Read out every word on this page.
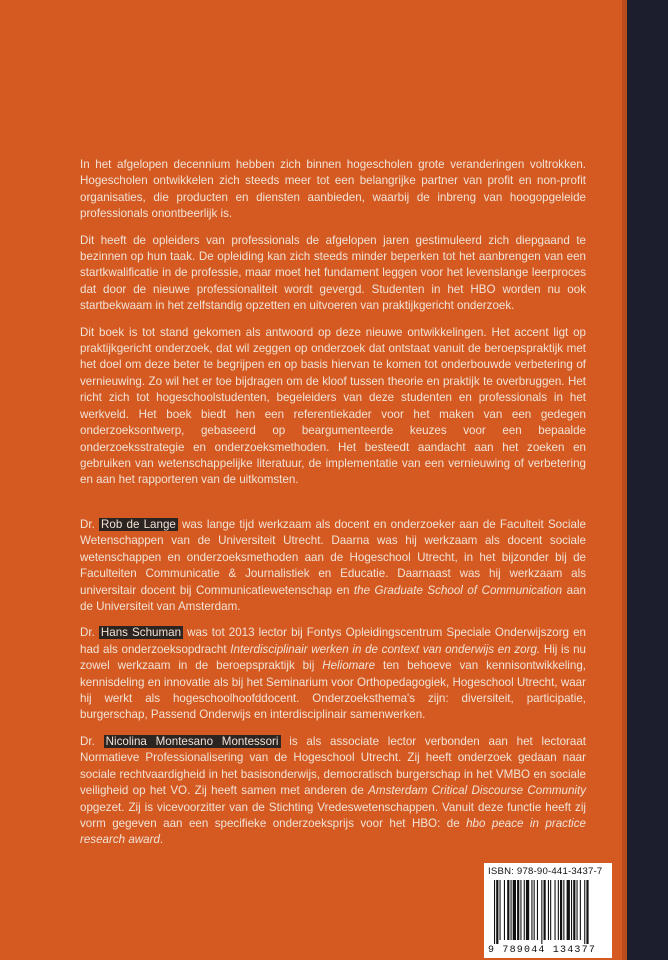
In het afgelopen decennium hebben zich binnen hogescholen grote veranderingen voltrokken. Hogescholen ontwikkelen zich steeds meer tot een belangrijke partner van profit en non-profit organisaties, die producten en diensten aanbieden, waarbij de inbreng van hoogopgeleide professionals onontbeerlijk is.

Dit heeft de opleiders van professionals de afgelopen jaren gestimuleerd zich diepgaand te bezinnen op hun taak. De opleiding kan zich steeds minder beperken tot het aanbrengen van een startkwalificatie in de professie, maar moet het fundament leggen voor het levenslange leerproces dat door de nieuwe professionaliteit wordt gevergd. Studenten in het HBO worden nu ook startbekwaam in het zelfstandig opzetten en uitvoeren van praktijkgericht onderzoek.

Dit boek is tot stand gekomen als antwoord op deze nieuwe ontwikkelingen. Het accent ligt op praktijkgericht onderzoek, dat wil zeggen op onderzoek dat ontstaat vanuit de beroepspraktijk met het doel om deze beter te begrijpen en op basis hiervan te komen tot onderbouwde verbetering of vernieuwing. Zo wil het er toe bijdragen om de kloof tussen theorie en praktijk te overbruggen. Het richt zich tot hogeschoolstudenten, begeleiders van deze studenten en professionals in het werkveld. Het boek biedt hen een referentiekader voor het maken van een gedegen onderzoeksontwerp, gebaseerd op beargumenteerde keuzes voor een bepaalde onderzoeksstrategie en onderzoeksmethoden. Het besteedt aandacht aan het zoeken en gebruiken van wetenschappelijke literatuur, de implementatie van een vernieuwing of verbetering en aan het rapporteren van de uitkomsten.

Dr. Rob de Lange was lange tijd werkzaam als docent en onderzoeker aan de Faculteit Sociale Wetenschappen van de Universiteit Utrecht. Daarna was hij werkzaam als docent sociale wetenschappen en onderzoeksmethoden aan de Hogeschool Utrecht, in het bijzonder bij de Faculteiten Communicatie & Journalistiek en Educatie. Daarnaast was hij werkzaam als universitair docent bij Communicatiewetenschap en the Graduate School of Communication aan de Universiteit van Amsterdam.

Dr. Hans Schuman was tot 2013 lector bij Fontys Opleidingscentrum Speciale Onderwijszorg en had als onderzoeksopdracht Interdisciplinair werken in de context van onderwijs en zorg. Hij is nu zowel werkzaam in de beroepspraktijk bij Heliomare ten behoeve van kennisontwikkeling, kennisdeling en innovatie als bij het Seminarium voor Orthopedagogiek, Hogeschool Utrecht, waar hij werkt als hogeschoolhoofddocent. Onderzoeksthema's zijn: diversiteit, participatie, burgerschap, Passend Onderwijs en interdisciplinair samenwerken.

Dr. Nicolina Montesano Montessori is als associate lector verbonden aan het lectoraat Normatieve Professionalisering van de Hogeschool Utrecht. Zij heeft onderzoek gedaan naar sociale rechtvaardigheid in het basisonderwijs, democratisch burgerschap in het VMBO en sociale veiligheid op het VO. Zij heeft samen met anderen de Amsterdam Critical Discourse Community opgezet. Zij is vicevoorzitter van de Stichting Vredeswetenschappen. Vanuit deze functie heeft zij vorm gegeven aan een specifieke onderzoeksprijs voor het HBO: de hbo peace in practice research award.

ISBN: 978-90-441-3437-7
9 789044 134377
